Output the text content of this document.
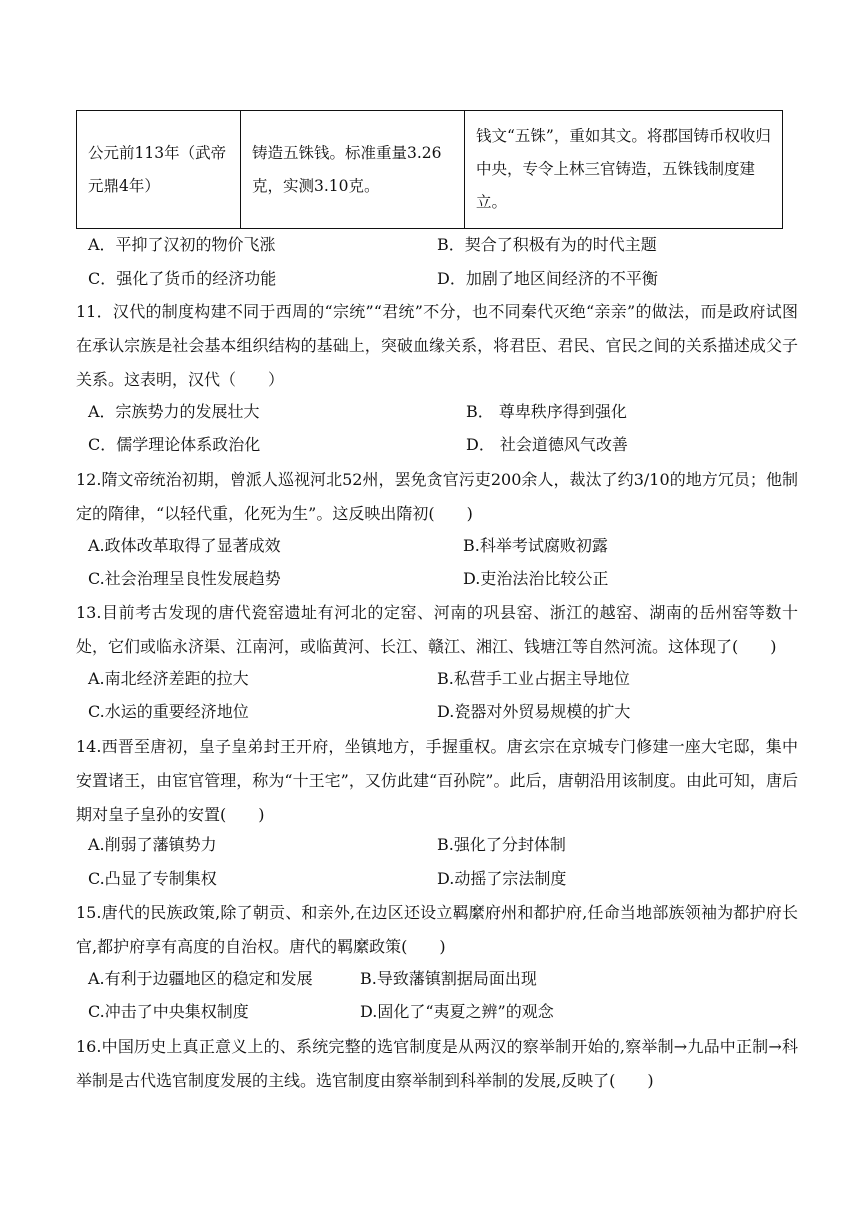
公元前113年（武帝元鼎4年）	铸造五铢钱。标准重量3.26克，实测3.10克。	钱文“五铢”，重如其文。将郡国铸币权收归中央，专令上林三官铸造，五铢钱制度建立。
A．平抑了汉初的物价飞涨	B．契合了积极有为的时代主题
C．强化了货币的经济功能	D．加剧了地区间经济的不平衡
11．汉代的制度构建不同于西周的“宗统”“君统”不分，也不同秦代灭绝“亲亲”的做法，而是政府试图在承认宗族是社会基本组织结构的基础上，突破血缘关系，将君臣、君民、官民之间的关系描述成父子关系。这表明，汉代（　　）
A．宗族势力的发展壮大	B． 尊卑秩序得到强化
C．儒学理论体系政治化	D． 社会道德风气改善
12.隋文帝统治初期，曾派人巡视河北52州，罢免贪官污吏200余人，裁汰了约3/10的地方冗员；他制定的隋律，“以轻代重，化死为生”。这反映出隋初(　　)
A.政体改革取得了显著成效	B.科举考试腐败初露
C.社会治理呈良性发展趋势	D.吏治法治比较公正
13.目前考古发现的唐代瓷窑遗址有河北的定窑、河南的巩县窑、浙江的越窑、湖南的岳州窑等数十处，它们或临永济渠、江南河，或临黄河、长江、赣江、湘江、钱塘江等自然河流。这体现了(　　)
A.南北经济差距的拉大	B.私营手工业占据主导地位
C.水运的重要经济地位	D.瓷器对外贸易规模的扩大
14.西晋至唐初，皇子皇弟封王开府，坐镇地方，手握重权。唐玄宗在京城专门修建一座大宅邸，集中安置诸王，由宦官管理，称为“十王宅”，又仿此建“百孙院”。此后，唐朝沿用该制度。由此可知，唐后期对皇子皇孙的安置(　　)
A.削弱了藩镇势力	B.强化了分封体制
C.凸显了专制集权	D.动摇了宗法制度
15.唐代的民族政策,除了朝贡、和亲外,在边区还设立羁縻府州和都护府,任命当地部族领袖为都护府长官,都护府享有高度的自治权。唐代的羁縻政策(　　)
A.有利于边疆地区的稳定和发展	B.导致藩镇割据局面出现
C.冲击了中央集权制度	D.固化了“夷夏之辨”的观念
16.中国历史上真正意义上的、系统完整的选官制度是从两汉的察举制开始的,察举制→九品中正制→科举制是古代选官制度发展的主线。选官制度由察举制到科举制的发展,反映了(　　)
